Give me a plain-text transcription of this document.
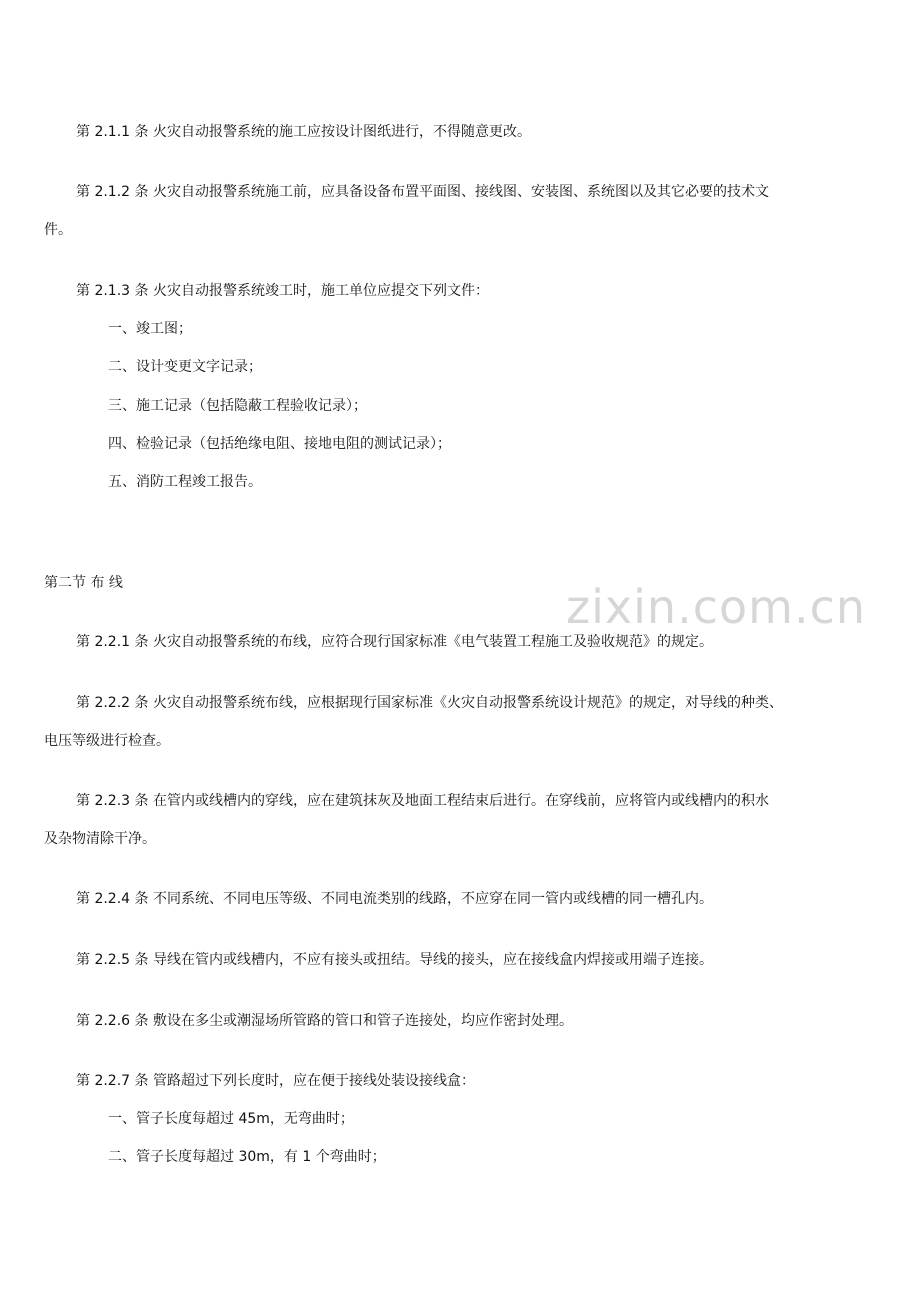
zixin.com.cn
第 2.1.1 条 火灾自动报警系统的施工应按设计图纸进行，不得随意更改。
第 2.1.2 条 火灾自动报警系统施工前，应具备设备布置平面图、接线图、安装图、系统图以及其它必要的技术文
件。
第 2.1.3 条 火灾自动报警系统竣工时，施工单位应提交下列文件：
一、竣工图；
二、设计变更文字记录；
三、施工记录（包括隐蔽工程验收记录）；
四、检验记录（包括绝缘电阻、接地电阻的测试记录）；
五、消防工程竣工报告。
第二节 布 线
第 2.2.1 条 火灾自动报警系统的布线，应符合现行国家标准《电气装置工程施工及验收规范》的规定。
第 2.2.2 条 火灾自动报警系统布线，应根据现行国家标准《火灾自动报警系统设计规范》的规定，对导线的种类、
电压等级进行检查。
第 2.2.3 条 在管内或线槽内的穿线，应在建筑抹灰及地面工程结束后进行。在穿线前，应将管内或线槽内的积水
及杂物清除干净。
第 2.2.4 条 不同系统、不同电压等级、不同电流类别的线路，不应穿在同一管内或线槽的同一槽孔内。
第 2.2.5 条 导线在管内或线槽内，不应有接头或扭结。导线的接头，应在接线盒内焊接或用端子连接。
第 2.2.6 条 敷设在多尘或潮湿场所管路的管口和管子连接处，均应作密封处理。
第 2.2.7 条 管路超过下列长度时，应在便于接线处装设接线盒：
一、管子长度每超过 45m，无弯曲时；
二、管子长度每超过 30m，有 1 个弯曲时；
